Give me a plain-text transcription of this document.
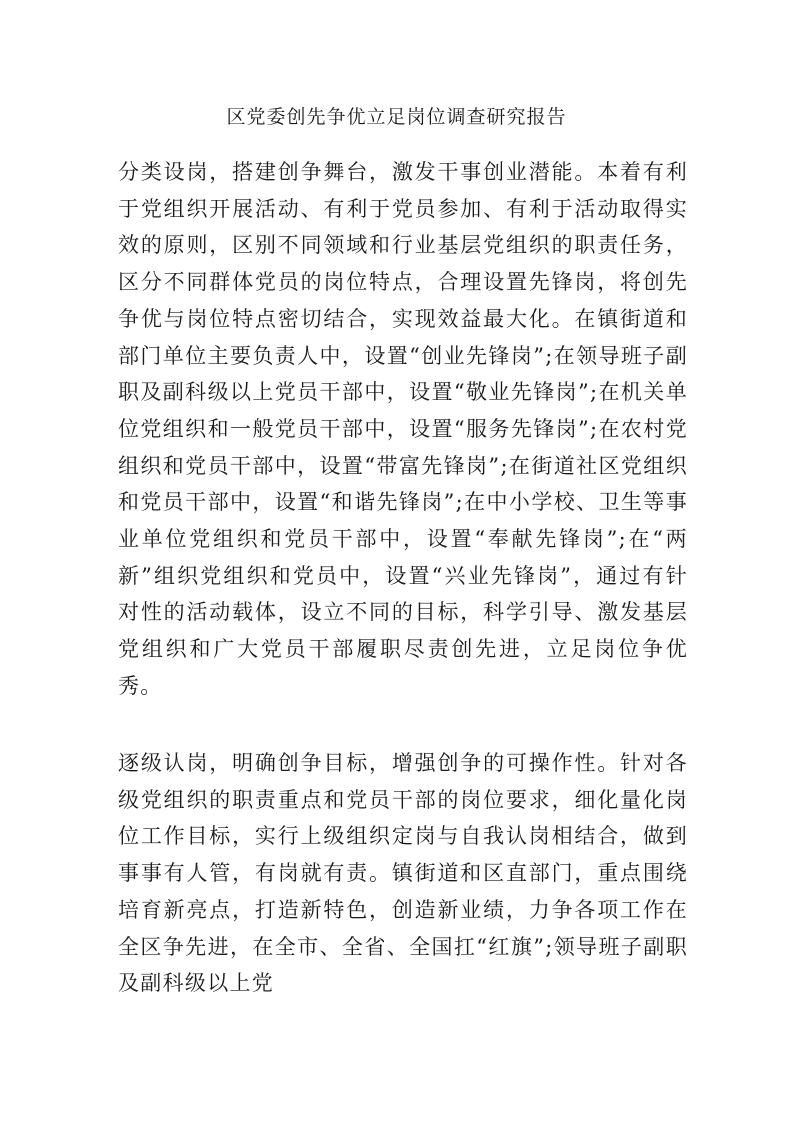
区党委创先争优立足岗位调查研究报告

分类设岗，搭建创争舞台，激发干事创业潜能。本着有利于党组织开展活动、有利于党员参加、有利于活动取得实效的原则，区别不同领域和行业基层党组织的职责任务，区分不同群体党员的岗位特点，合理设置先锋岗，将创先争优与岗位特点密切结合，实现效益最大化。在镇街道和部门单位主要负责人中，设置“创业先锋岗”;在领导班子副职及副科级以上党员干部中，设置“敬业先锋岗”;在机关单位党组织和一般党员干部中，设置“服务先锋岗”;在农村党组织和党员干部中，设置“带富先锋岗”;在街道社区党组织和党员干部中，设置“和谐先锋岗”;在中小学校、卫生等事业单位党组织和党员干部中，设置“奉献先锋岗”;在“两新”组织党组织和党员中，设置“兴业先锋岗”，通过有针对性的活动载体，设立不同的目标，科学引导、激发基层党组织和广大党员干部履职尽责创先进，立足岗位争优秀。

逐级认岗，明确创争目标，增强创争的可操作性。针对各级党组织的职责重点和党员干部的岗位要求，细化量化岗位工作目标，实行上级组织定岗与自我认岗相结合，做到事事有人管，有岗就有责。镇街道和区直部门，重点围绕培育新亮点，打造新特色，创造新业绩，力争各项工作在全区争先进，在全市、全省、全国扛“红旗”;领导班子副职及副科级以上党
